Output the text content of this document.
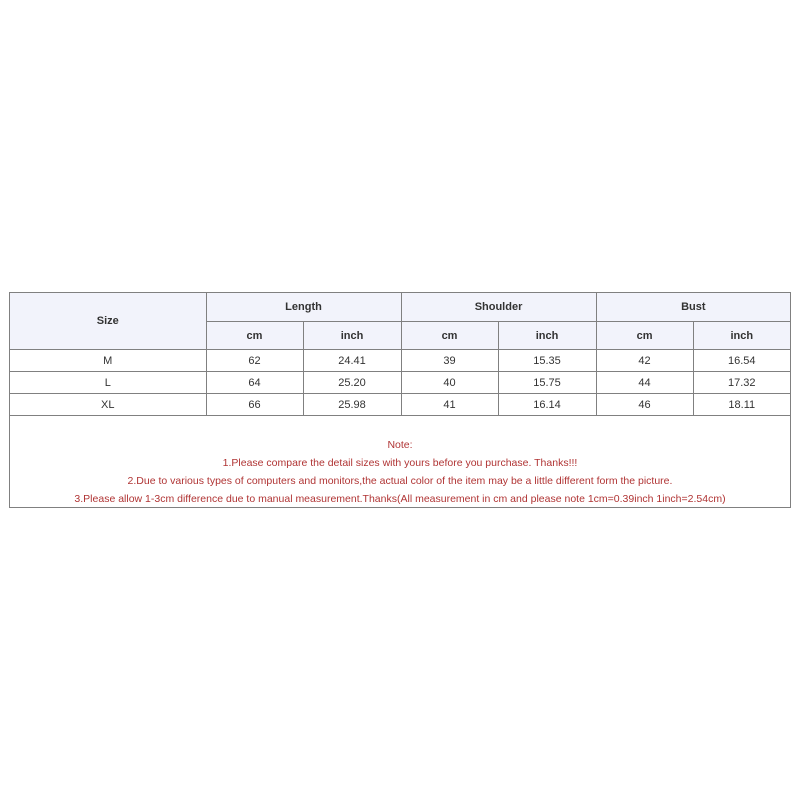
Size	Length		Shoulder		Bust	
	cm	inch	cm	inch	cm	inch
M	62	24.41	39	15.35	42	16.54
L	64	25.20	40	15.75	44	17.32
XL	66	25.98	41	16.14	46	18.11
Note:
1.Please compare the detail sizes with yours before you purchase. Thanks!!!
2.Due to various types of computers and monitors,the actual color of the item may be a little different form the picture.
3.Please allow 1-3cm difference due to manual measurement.Thanks(All measurement in cm and please note 1cm=0.39inch 1inch=2.54cm)
